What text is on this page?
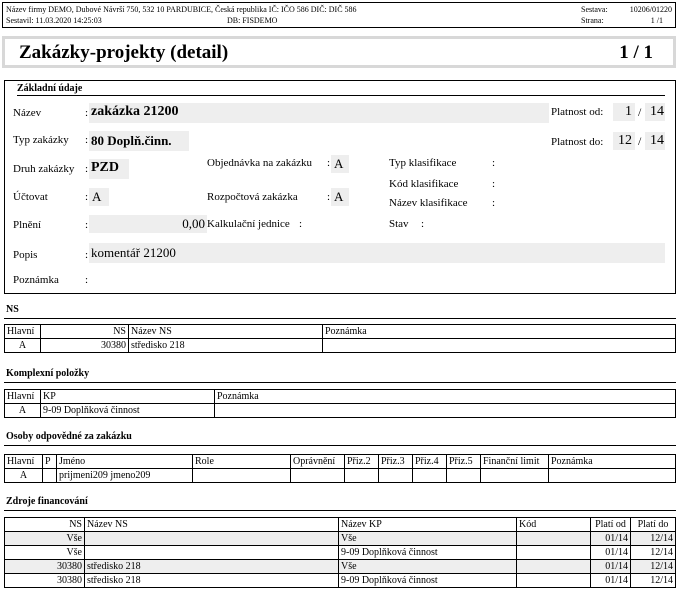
Název firmy DEMO, Dubové Návrší 750, 532 10 PARDUBICE, Česká republika IČ: IČO 586 DIČ: DIČ 586
Sestavil: 11.03.2020 14:25:03	DB: FISDEMO
Sestava:	10206/01220
Strana:	1 /1
Zakázky-projekty (detail)	1 / 1
Základní údaje
Název	: zakázka 21200
Typ zakázky : 80 Doplň.činn.
Druh zakázky : PZD
Účtovat	: A
Plnění	:	0,00
Popis	: komentář 21200
Poznámka :
Objednávka na zakázku : A
Rozpočtová zakázka	: A
Kalkulační jednice :
Typ klasifikace	:
Kód klasifikace	:
Název klasifikace :
Stav :
Platnost od: 1 / 14
Platnost do: 12 / 14
NS
Hlavní	NS	Název NS	Poznámka
A	30380	středisko 218	
Komplexní položky
Hlavní	KP	Poznámka
A	9-09 Doplňková činnost	
Osoby odpovědné za zakázku
Hlavní	P	Jméno	Role	Oprávnění	Přiz.2	Přiz.3	Přiz.4	Přiz.5	Finanční limit	Poznámka
A		prijmeni209 jmeno209								
Zdroje financování
NS	Název NS	Název KP	Kód	Platí od	Platí do
Vše		Vše		01/14	12/14
Vše		9-09 Doplňková činnost		01/14	12/14
30380	středisko 218	Vše		01/14	12/14
30380	středisko 218	9-09 Doplňková činnost		01/14	12/14
